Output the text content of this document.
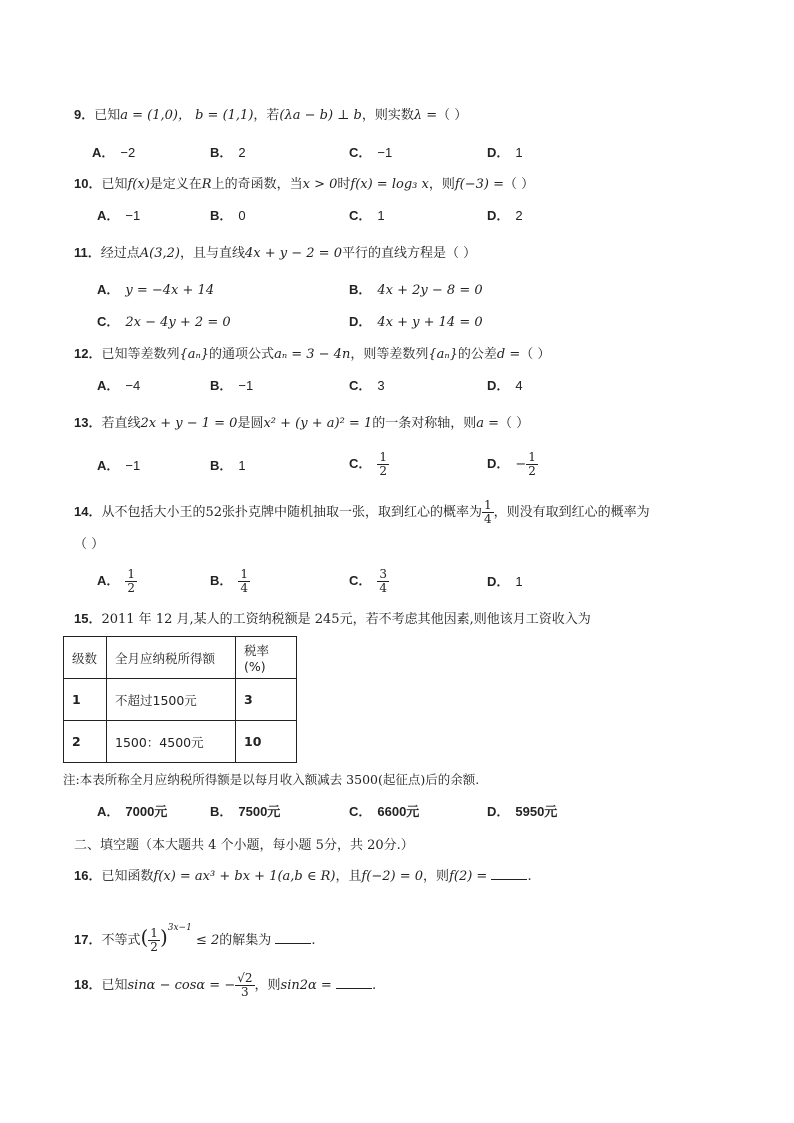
9．已知a = (1,0)， b = (1,1)，若(λa − b) ⊥ b，则实数λ =（ ）
A． −2	B． 2	C． −1	D． 1
10．已知f(x)是定义在R上的奇函数，当x > 0时f(x) = log₃ x，则f(−3) =（ ）
A． −1	B． 0	C． 1	D． 2
11．经过点A(3,2)，且与直线4x + y − 2 = 0平行的直线方程是（ ）
A． y = −4x + 14	B． 4x + 2y − 8 = 0
C． 2x − 4y + 2 = 0	D． 4x + y + 14 = 0
12．已知等差数列{aₙ}的通项公式aₙ = 3 − 4n，则等差数列{aₙ}的公差d =（ ）
A． −4	B． −1	C． 3	D． 4
13．若直线2x + y − 1 = 0是圆x² + (y + a)² = 1的一条对称轴，则a =（ ）
A． −1	B． 1	C． $\frac{1}{2}$	D． − $\frac{1}{2}$
14．从不包括大小王的52张扑克牌中随机抽取一张，取到红心的概率为 $\frac{1}{4}$ ，则没有取到红心的概率为
（ ）
A． $\frac{1}{2}$	B． $\frac{1}{4}$	C． $\frac{3}{4}$	D． 1
15．2011 年 12 月,某人的工资纳税额是 245元，若不考虑其他因素,则他该月工资收入为
级数	全月应纳税所得额	税率(%)
1	不超过1500元	3
2	1500：4500元	10
注:本表所称全月应纳税所得额是以每月收入额减去 3500(起征点)后的余额.
A． 7000元	B． 7500元	C． 6600元	D． 5950元
二、填空题（本大题共 4 个小题，每小题 5分，共 20分.）
16．已知函数f(x) = ax³ + bx + 1(a,b ∈ R)，且f(−2) = 0，则f(2) =	.
17．不等式( $\frac{1}{2} )^{3x-1} \le 2$的解集为	.
18．已知sinα − cosα = − $\frac{√2}{3}$ ，则sin2α =	.
